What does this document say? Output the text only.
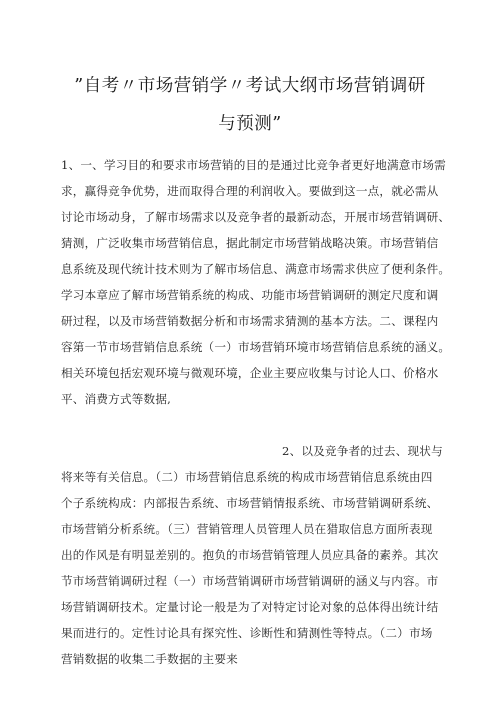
”自考〃市场营销学〃考试大纲市场营销调研
与预测”
1、一、学习目的和要求市场营销的目的是通过比竞争者更好地满意市场需
求，赢得竞争优势，进而取得合理的利润收入。要做到这一点，就必需从
讨论市场动身，了解市场需求以及竞争者的最新动态，开展市场营销调研、
猜测，广泛收集市场营销信息，据此制定市场营销战略决策。市场营销信
息系统及现代统计技术则为了解市场信息、满意市场需求供应了便利条件。
学习本章应了解市场营销系统的构成、功能市场营销调研的测定尺度和调
研过程，以及市场营销数据分析和市场需求猜测的基本方法。二、课程内
容第一节市场营销信息系统（一）市场营销环境市场营销信息系统的涵义。
相关环境包括宏观环境与微观环境，企业主要应收集与讨论人口、价格水
平、消费方式等数据,
2、以及竞争者的过去、现状与
将来等有关信息。（二）市场营销信息系统的构成市场营销信息系统由四
个子系统构成：内部报告系统、市场营销情报系统、市场营销调研系统、
市场营销分析系统。（三）营销管理人员管理人员在猎取信息方面所表现
出的作风是有明显差别的。抱负的市场营销管理人员应具备的素养。其次
节市场营销调研过程（一）市场营销调研市场营销调研的涵义与内容。市
场营销调研技术。定量讨论一般是为了对特定讨论对象的总体得出统计结
果而进行的。定性讨论具有探究性、诊断性和猜测性等特点。（二）市场
营销数据的收集二手数据的主要来
